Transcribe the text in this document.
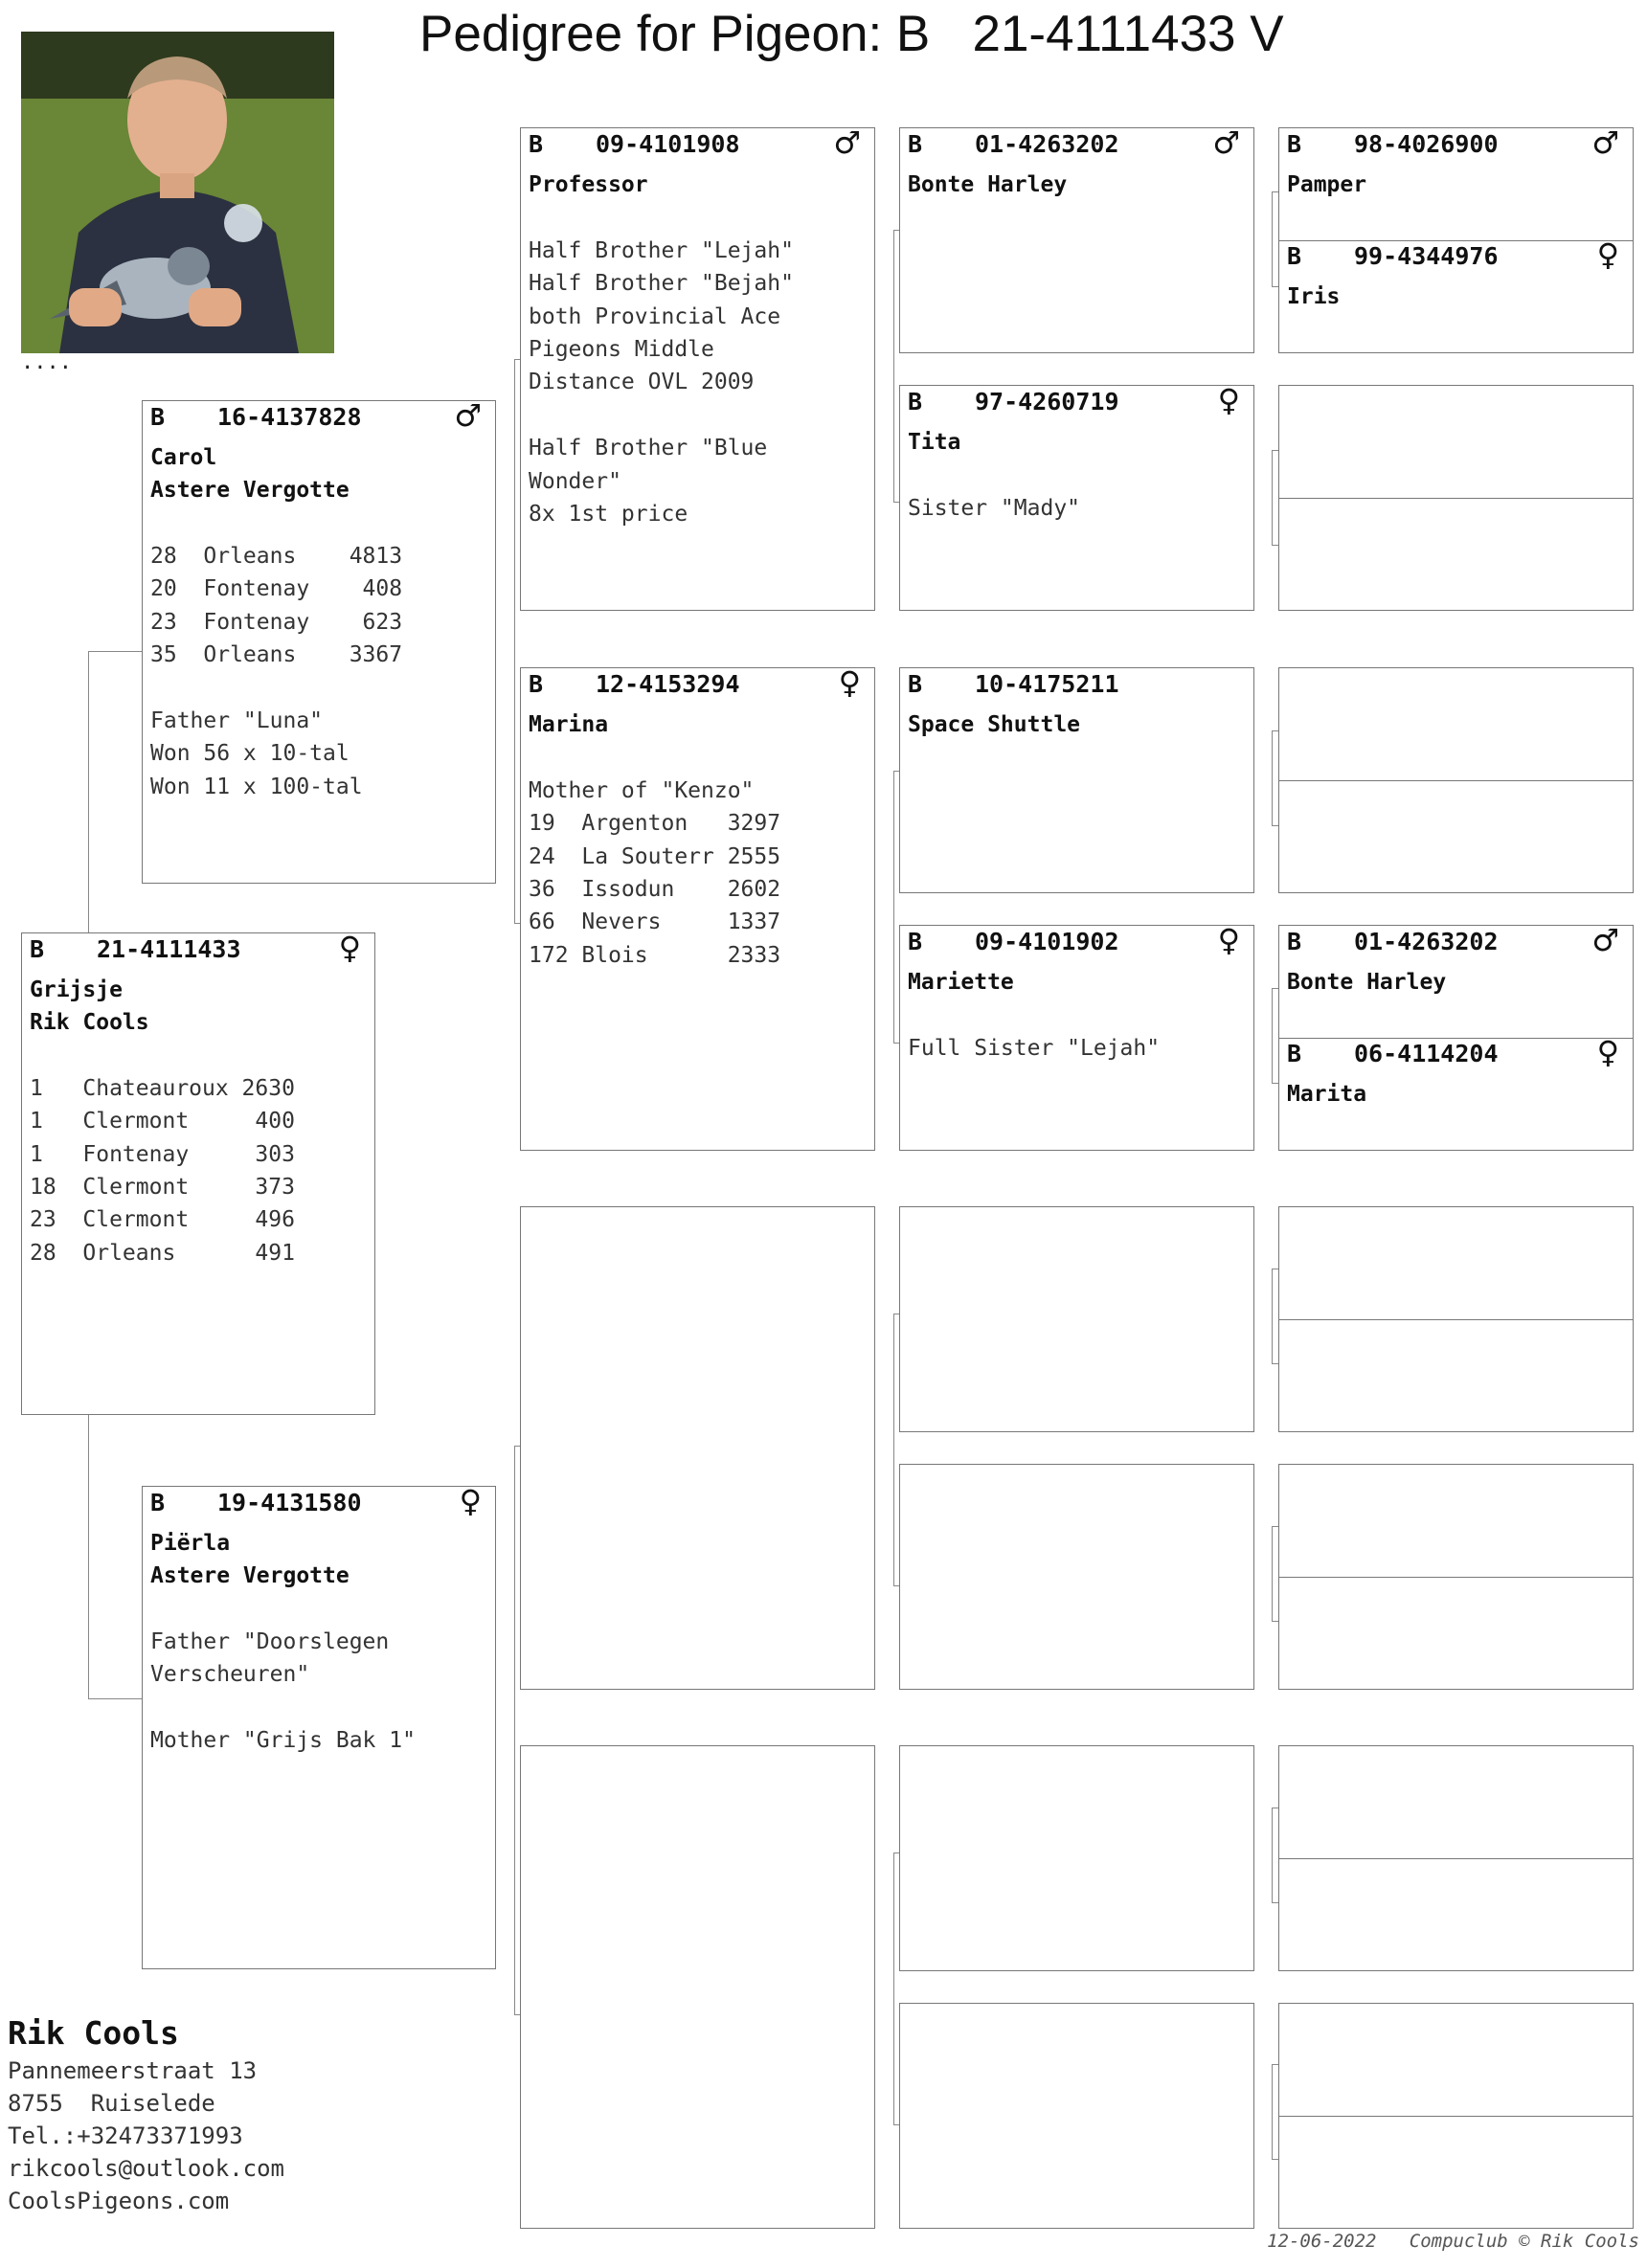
Pedigree for Pigeon: B   21-4111433 V
....
B 21-4111433	♀
Grijsje
Rik Cools
1   Chateauroux 2630
1   Clermont     400
1   Fontenay     303
18  Clermont     373
23  Clermont     496
28  Orleans      491
B 16-4137828	♂
Carol
Astere Vergotte
28  Orleans    4813
20  Fontenay    408
23  Fontenay    623
35  Orleans    3367

Father "Luna"
Won 56 x 10-tal
Won 11 x 100-tal
B 19-4131580	♀
Piërla
Astere Vergotte
Father "Doorslegen
Verscheuren"

Mother "Grijs Bak 1"
B 09-4101908	♂
Professor

Half Brother "Lejah"
Half Brother "Bejah"
both Provincial Ace
Pigeons Middle
Distance OVL 2009

Half Brother "Blue
Wonder"
8x 1st price
B 12-4153294	♀
Marina

Mother of "Kenzo"
19  Argenton   3297
24  La Souterr 2555
36  Issodun    2602
66  Nevers     1337
172 Blois      2333
B 01-4263202	♂
Bonte Harley
B 97-4260719	♀
Tita

Sister "Mady"
B 10-4175211
Space Shuttle
B 09-4101902	♀
Mariette

Full Sister "Lejah"
B 98-4026900	♂
Pamper
B 99-4344976	♀
Iris
B 01-4263202	♂
Bonte Harley
B 06-4114204	♀
Marita
Rik Cools
Pannemeerstraat 13
8755  Ruiselede
Tel.:+32473371993
rikcools@outlook.com
CoolsPigeons.com
12-06-2022   Compuclub © Rik Cools
